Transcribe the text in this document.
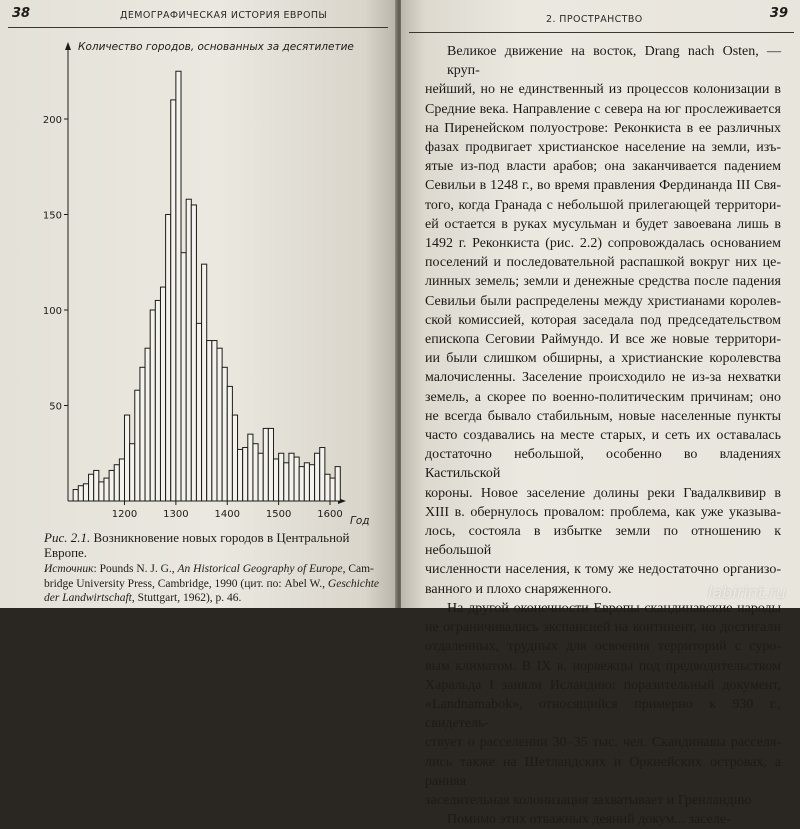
38	ДЕМОГРАФИЧЕСКАЯ ИСТОРИЯ ЕВРОПЫ
50
100
150
200
1200	1300	1400	1500	1600
Количество городов, основанных за десятилетие
Год

Рис. 2.1. Возникновение новых городов в Центральной Европе.

Источник: Pounds N. J. G., An Historical Geography of Europe, Cam-
bridge University Press, Cambridge, 1990 (цит. по: Abel W., Geschichte
der Landwirtschaft, Stuttgart, 1962), p. 46.

39
2. ПРОСТРАНСТВО
Великое движение на восток, Drang nach Osten, — круп-
нейший, но не единственный из процессов колонизации в
Средние века. Направление с севера на юг прослеживается
на Пиренейском полуострове: Реконкиста в ее различных
фазах продвигает христианское население на земли, изъ-
ятые из-под власти арабов; она заканчивается падением
Севильи в 1248 г., во время правления Фердинанда III Свя-
того, когда Гранада с небольшой прилегающей территори-
ей остается в руках мусульман и будет завоевана лишь в
1492 г. Реконкиста (рис. 2.2) сопровождалась основанием
поселений и последовательной распашкой вокруг них це-
линных земель; земли и денежные средства после падения
Севильи были распределены между христианами королев-
ской комиссией, которая заседала под председательством
епископа Сеговии Раймундо. И все же новые территори-
ии были слишком обширны, а христианские королевства
малочисленны. Заселение происходило не из-за нехватки
земель, а скорее по военно-политическим причинам; оно
не всегда бывало стабильным, новые населенные пункты
часто создавались на месте старых, и сеть их оставалась
достаточно небольшой, особенно во владениях Кастильской
короны. Новое заселение долины реки Гвадалквивир в
XIII в. обернулось провалом: проблема, как уже указыва-
лось, состояла в избытке земли по отношению к небольшой
численности населения, к тому же недостаточно организо-
ванного и плохо снаряженного.
На другой оконечности Европы скандинавские народы
не ограничивались экспансией на континент, но достигали
отдаленных, трудных для освоения территорий с суро-
вым климатом. В IX в. норвежцы под предводительством
Харальда I заняли Исландию: поразительный документ,
«Landnamabok», относящийся примерно к 930 г., свидетель-
ствует о расселении 30–35 тыс. чел. Скандинавы расселя-
лись также на Шетландских и Оркнейских островах, а ранняя
заселительная колонизация захватывает и Гренландию
Помимо этих отважных деяний докум... заселе-
labirint.ru
